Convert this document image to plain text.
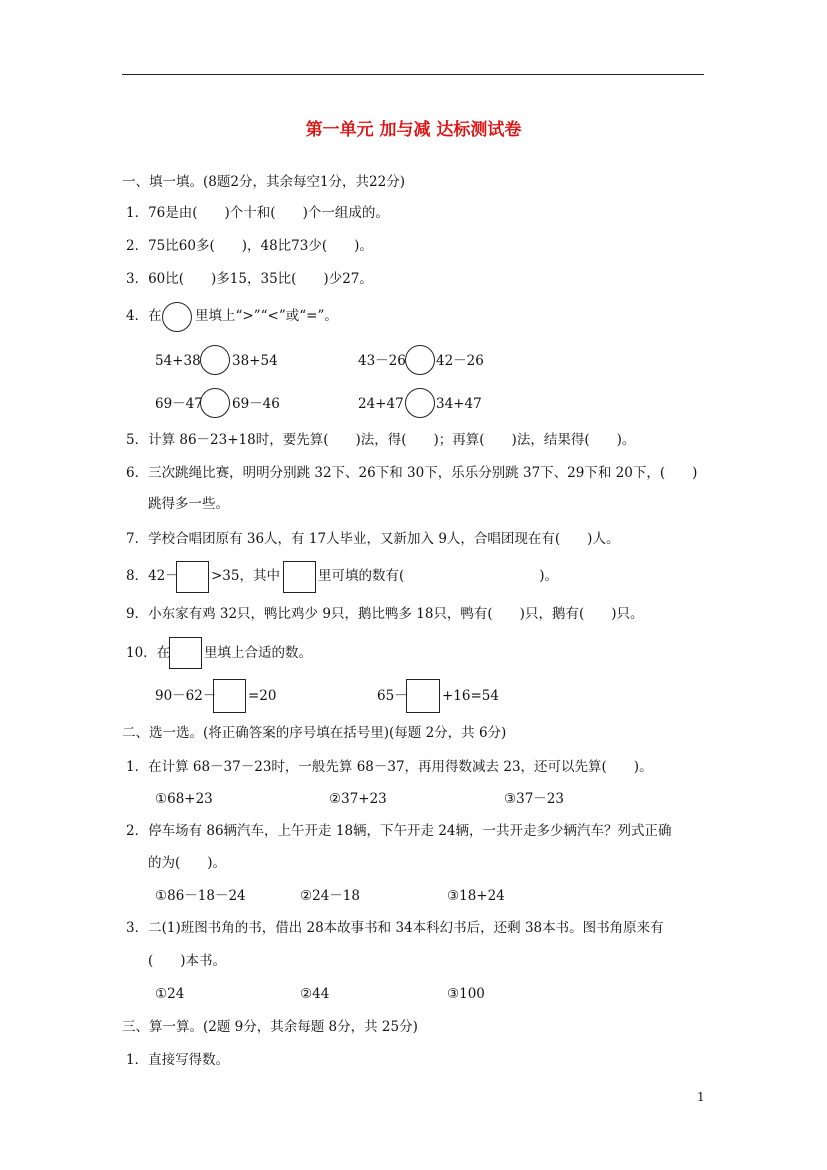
第一单元 加与减 达标测试卷
一、填一填。(8题2分，其余每空1分，共22分)
1．76是由(　　)个十和(　　)个一组成的。
2．75比60多(　　)，48比73少(　　)。
3．60比(　　)多15，35比(　　)少27。
4．在 里填上“>”“<”或“=”。
54+38 38+54	43－26 42－26
69－47 69－46	24+47 34+47
5．计算 86－23+18时，要先算(　　)法，得(　　)；再算(　　)法，结果得(　　)。
6．三次跳绳比赛，明明分别跳 32下、26下和 30下，乐乐分别跳 37下、29下和 20下，(　　)
跳得多一些。
7．学校合唱团原有 36人，有 17人毕业，又新加入 9人，合唱团现在有(　　)人。
8．42－ >35，其中	里可填的数有(　　　　　　　　　　)。
9．小东家有鸡 32只，鸭比鸡少 9只，鹅比鸭多 18只，鸭有(　　)只，鹅有(　　)只。
10．在	里填上合适的数。
90－62－ =20	65－	+16=54
二、选一选。(将正确答案的序号填在括号里)(每题 2分，共 6分)
1．在计算 68－37－23时，一般先算 68－37，再用得数减去 23，还可以先算(　　)。
①68+23	②37+23	③37－23
2．停车场有 86辆汽车，上午开走 18辆，下午开走 24辆，一共开走多少辆汽车？列式正确
的为(　　)。
①86－18－24	②24－18	③18+24
3．二(1)班图书角的书，借出 28本故事书和 34本科幻书后，还剩 38本书。图书角原来有
(　　)本书。
①24	②44	③100
三、算一算。(2题 9分，其余每题 8分，共 25分)
1．直接写得数。
1
